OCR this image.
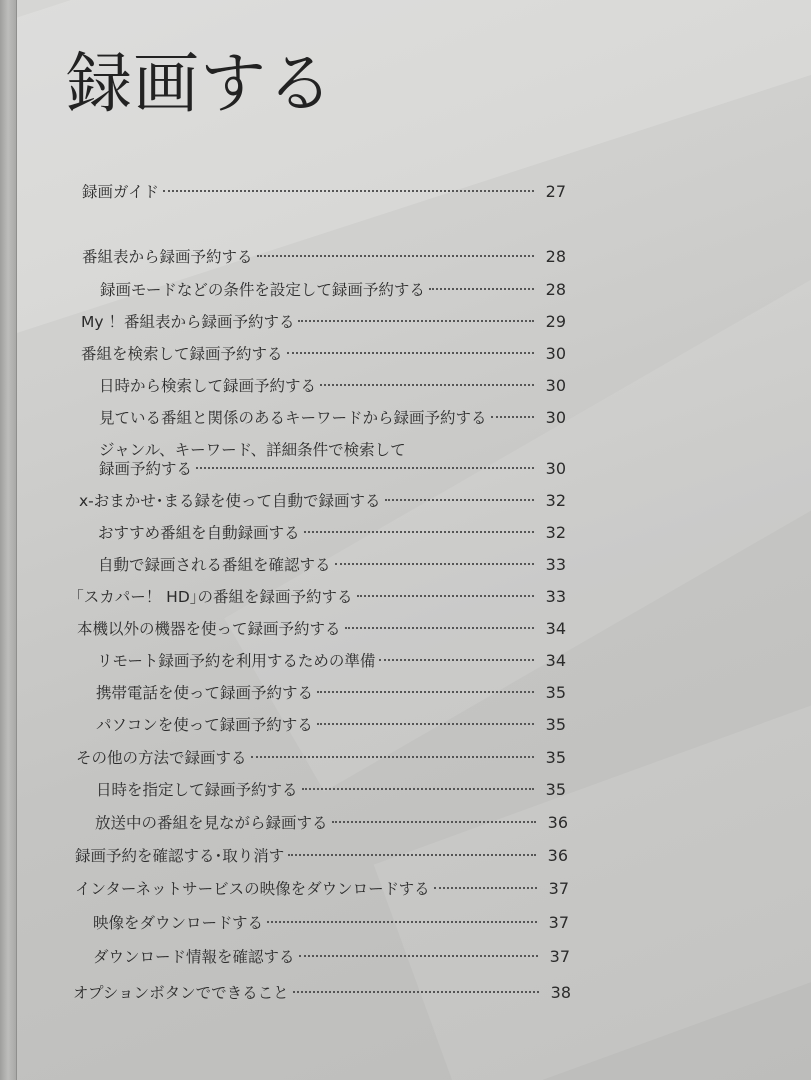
録画する
録画ガイド	27
番組表から録画予約する	28
録画モードなどの条件を設定して録画予約する	28
My ！番組表から録画予約する	29
番組を検索して録画予約する	30
日時から検索して録画予約する	30
見ている番組と関係のあるキーワードから録画予約する	30
ジャンル、キーワード、詳細条件で検索して
録画予約する	30
x-おまかせ･まる録を使って自動で録画する	32
おすすめ番組を自動録画する	32
自動で録画される番組を確認する	33
｢スカパー！ HD｣の番組を録画予約する	33
本機以外の機器を使って録画予約する	34
リモート録画予約を利用するための準備	34
携帯電話を使って録画予約する	35
パソコンを使って録画予約する	35
その他の方法で録画する	35
日時を指定して録画予約する	35
放送中の番組を見ながら録画する	36
録画予約を確認する･取り消す	36
インターネットサービスの映像をダウンロードする	37
映像をダウンロードする	37
ダウンロード情報を確認する	37
オプションボタンでできること	38
